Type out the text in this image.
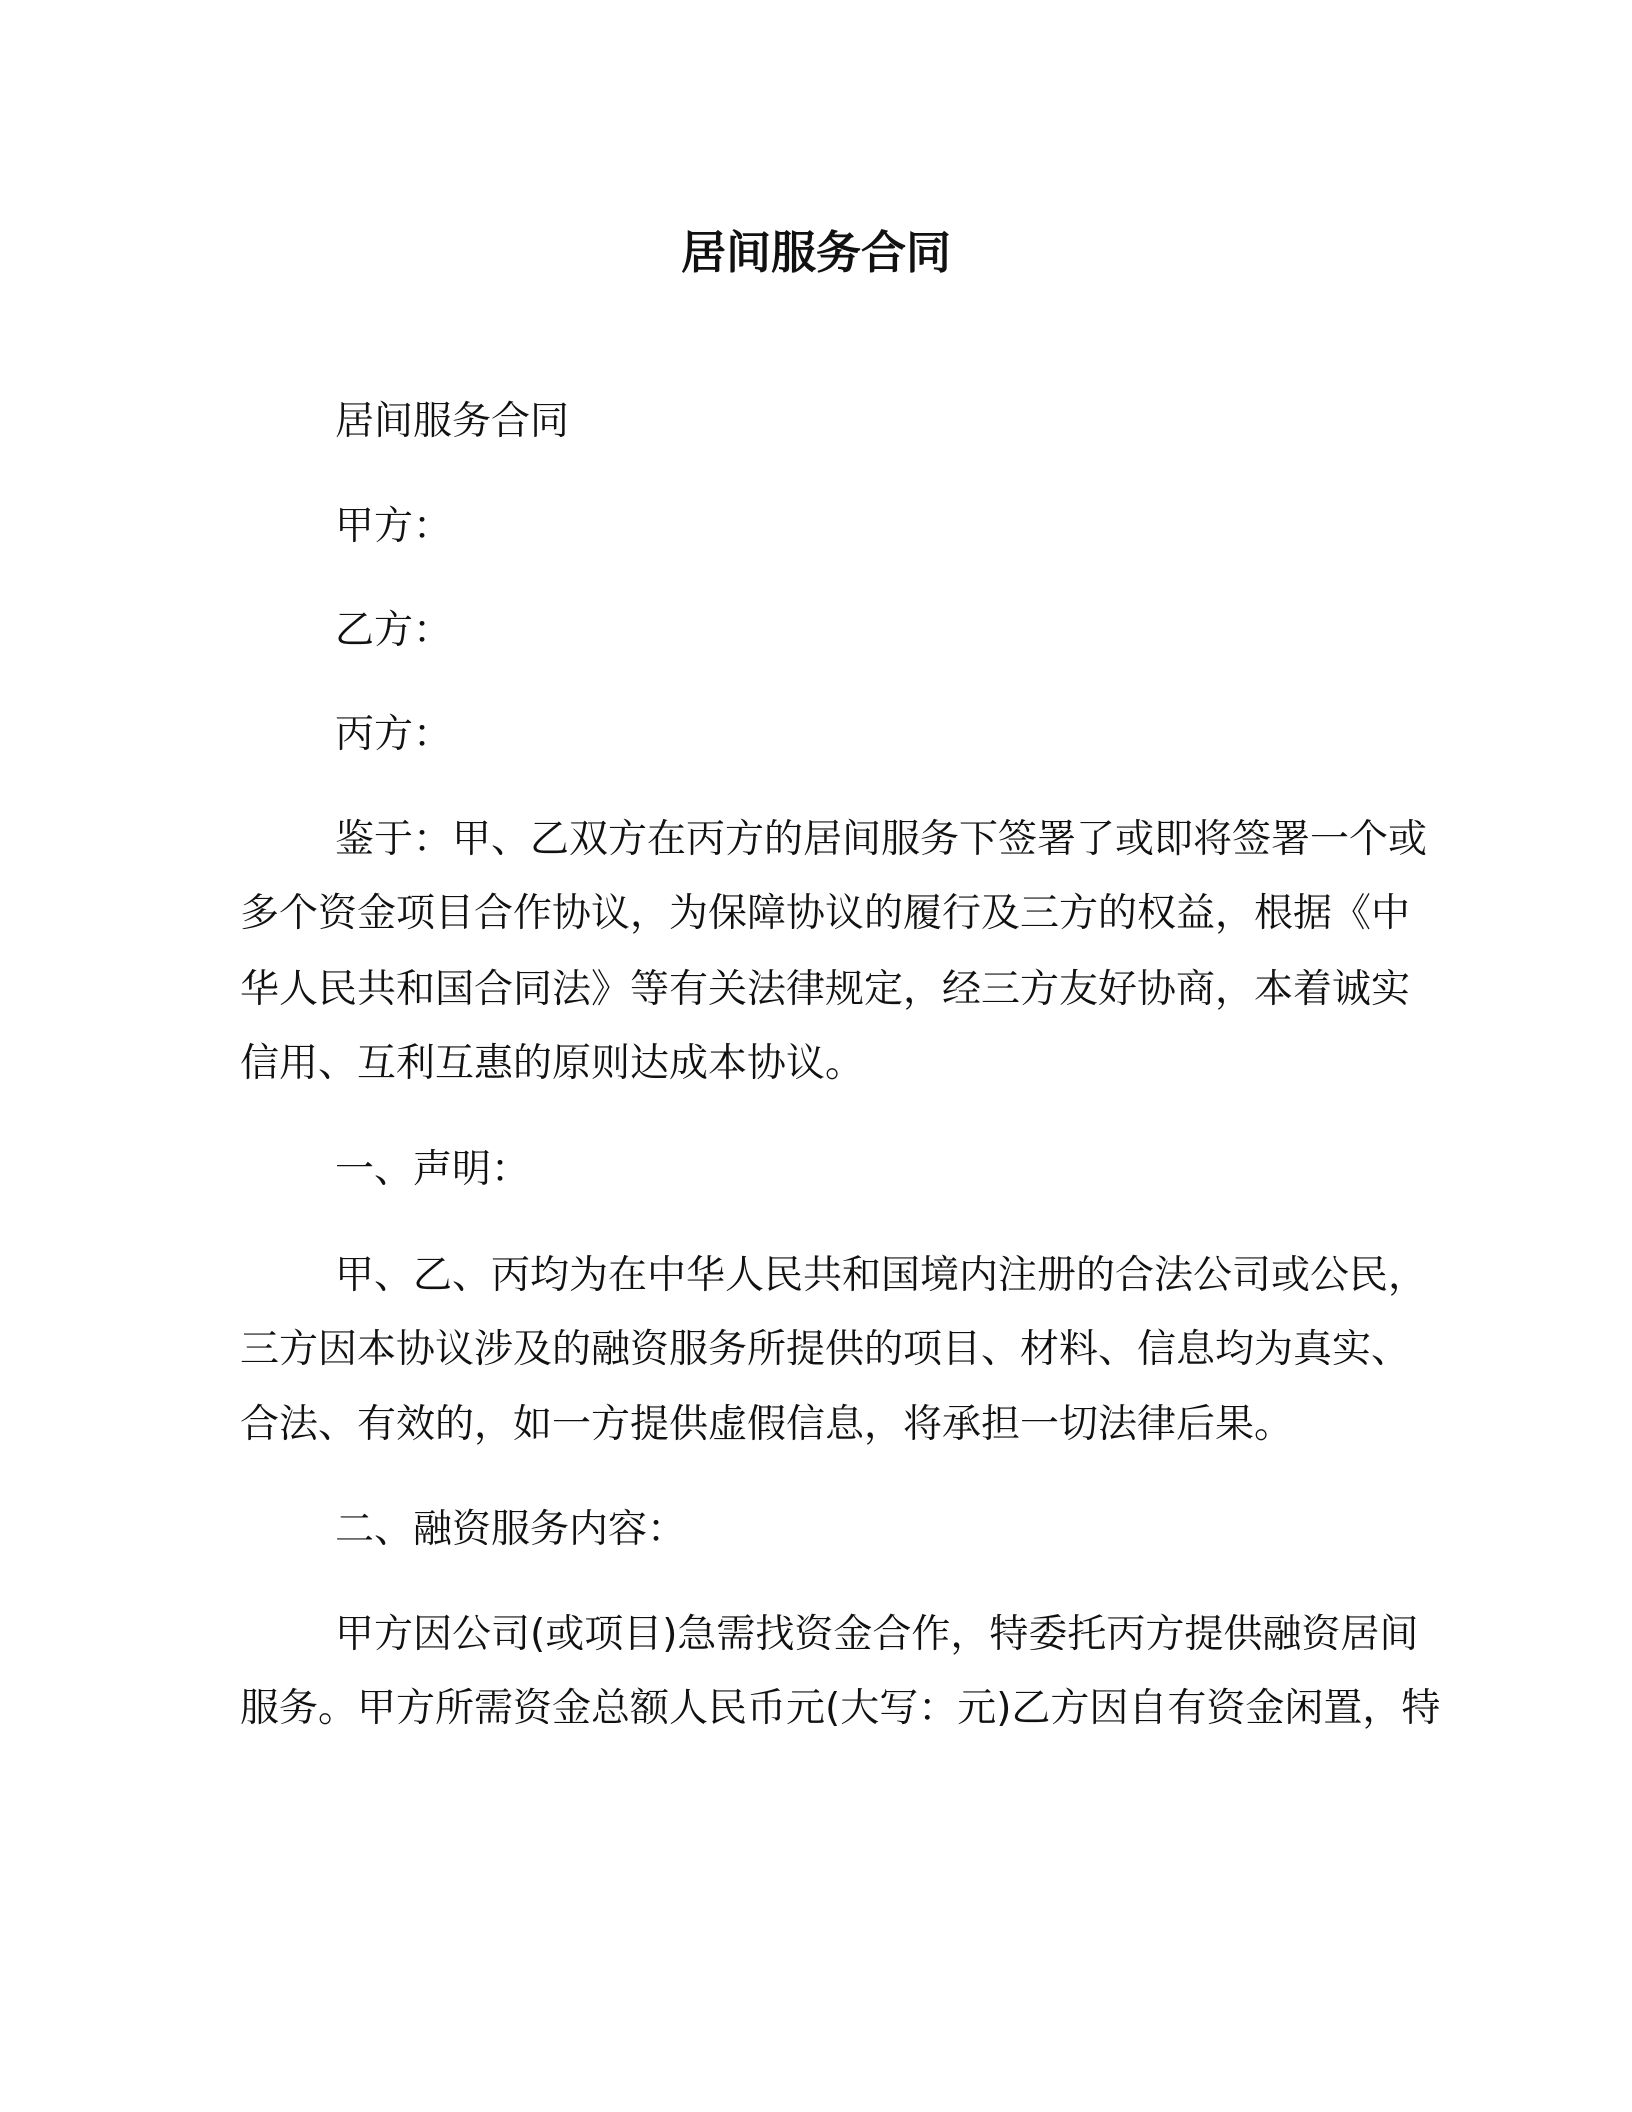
居间服务合同
居间服务合同
甲方：
乙方：
丙方：
鉴于：甲、乙双方在丙方的居间服务下签署了或即将签署一个或
多个资金项目合作协议，为保障协议的履行及三方的权益，根据《中
华人民共和国合同法》等有关法律规定，经三方友好协商，本着诚实
信用、互利互惠的原则达成本协议。
一、声明：
甲、乙、丙均为在中华人民共和国境内注册的合法公司或公民，
三方因本协议涉及的融资服务所提供的项目、材料、信息均为真实、
合法、有效的，如一方提供虚假信息，将承担一切法律后果。
二、融资服务内容：
甲方因公司(或项目)急需找资金合作，特委托丙方提供融资居间
服务。甲方所需资金总额人民币元(大写：元)乙方因自有资金闲置，特
